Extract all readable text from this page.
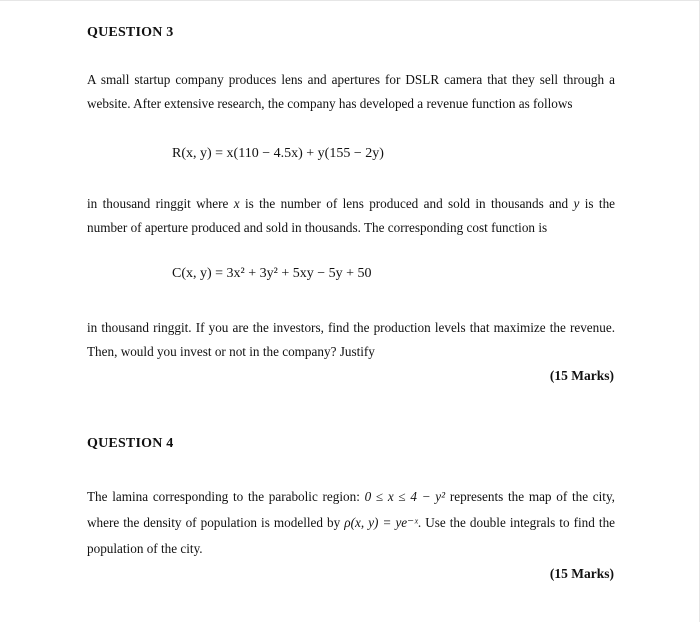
QUESTION 3
A small startup company produces lens and apertures for DSLR camera that they sell through a website. After extensive research, the company has developed a revenue function as follows
R(x, y) = x(110 − 4.5x) + y(155 − 2y)
in thousand ringgit where x is the number of lens produced and sold in thousands and y is the number of aperture produced and sold in thousands. The corresponding cost function is
C(x, y) = 3x² + 3y² + 5xy − 5y + 50
in thousand ringgit. If you are the investors, find the production levels that maximize the revenue. Then, would you invest or not in the company? Justify
(15 Marks)
QUESTION 4
The lamina corresponding to the parabolic region: 0 ≤ x ≤ 4 − y² represents the map of the city, where the density of population is modelled by ρ(x, y) = ye⁻ˣ. Use the double integrals to find the population of the city.
(15 Marks)
